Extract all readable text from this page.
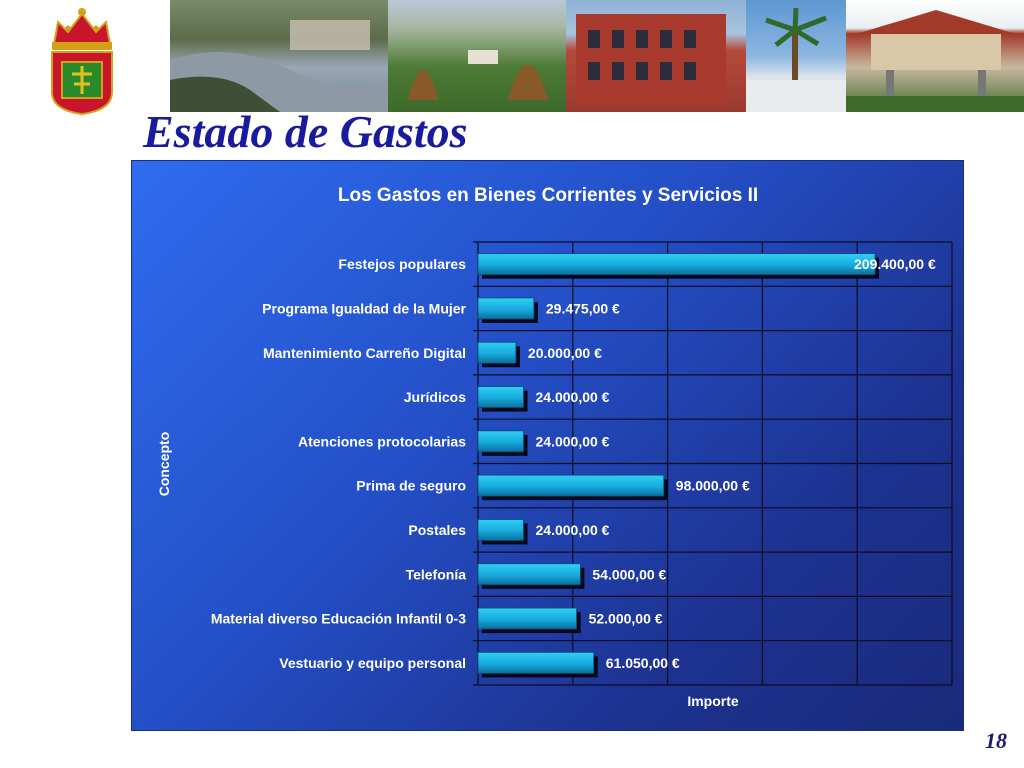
Estado de Gastos
Los Gastos en Bienes Corrientes y Servicios II
Festejos populares	209.400,00 €
Programa Igualdad de la Mujer	29.475,00 €
Mantenimiento Carreño Digital	20.000,00 €
Jurídicos	24.000,00 €
Atenciones protocolarias	24.000,00 €
Prima de seguro	98.000,00 €
Postales	24.000,00 €
Telefonía	54.000,00 €
Material diverso Educación Infantil 0-3	52.000,00 €
Vestuario y equipo personal	61.050,00 €
Importe
Concepto
18
